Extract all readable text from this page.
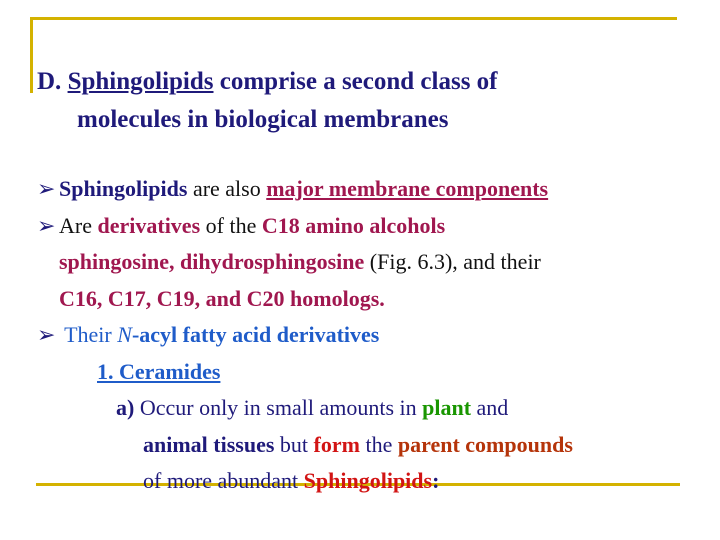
D. Sphingolipids comprise a second class of
molecules in biological membranes
➢ Sphingolipids are also major membrane components
➢ Are derivatives of the C18 amino alcohols
sphingosine, dihydrosphingosine (Fig. 6.3), and their
C16, C17, C19, and C20 homologs.
➢ Their N-acyl fatty acid derivatives
1. Ceramides
a) Occur only in small amounts in plant and
animal tissues but form the parent compounds
of more abundant Sphingolipids:
